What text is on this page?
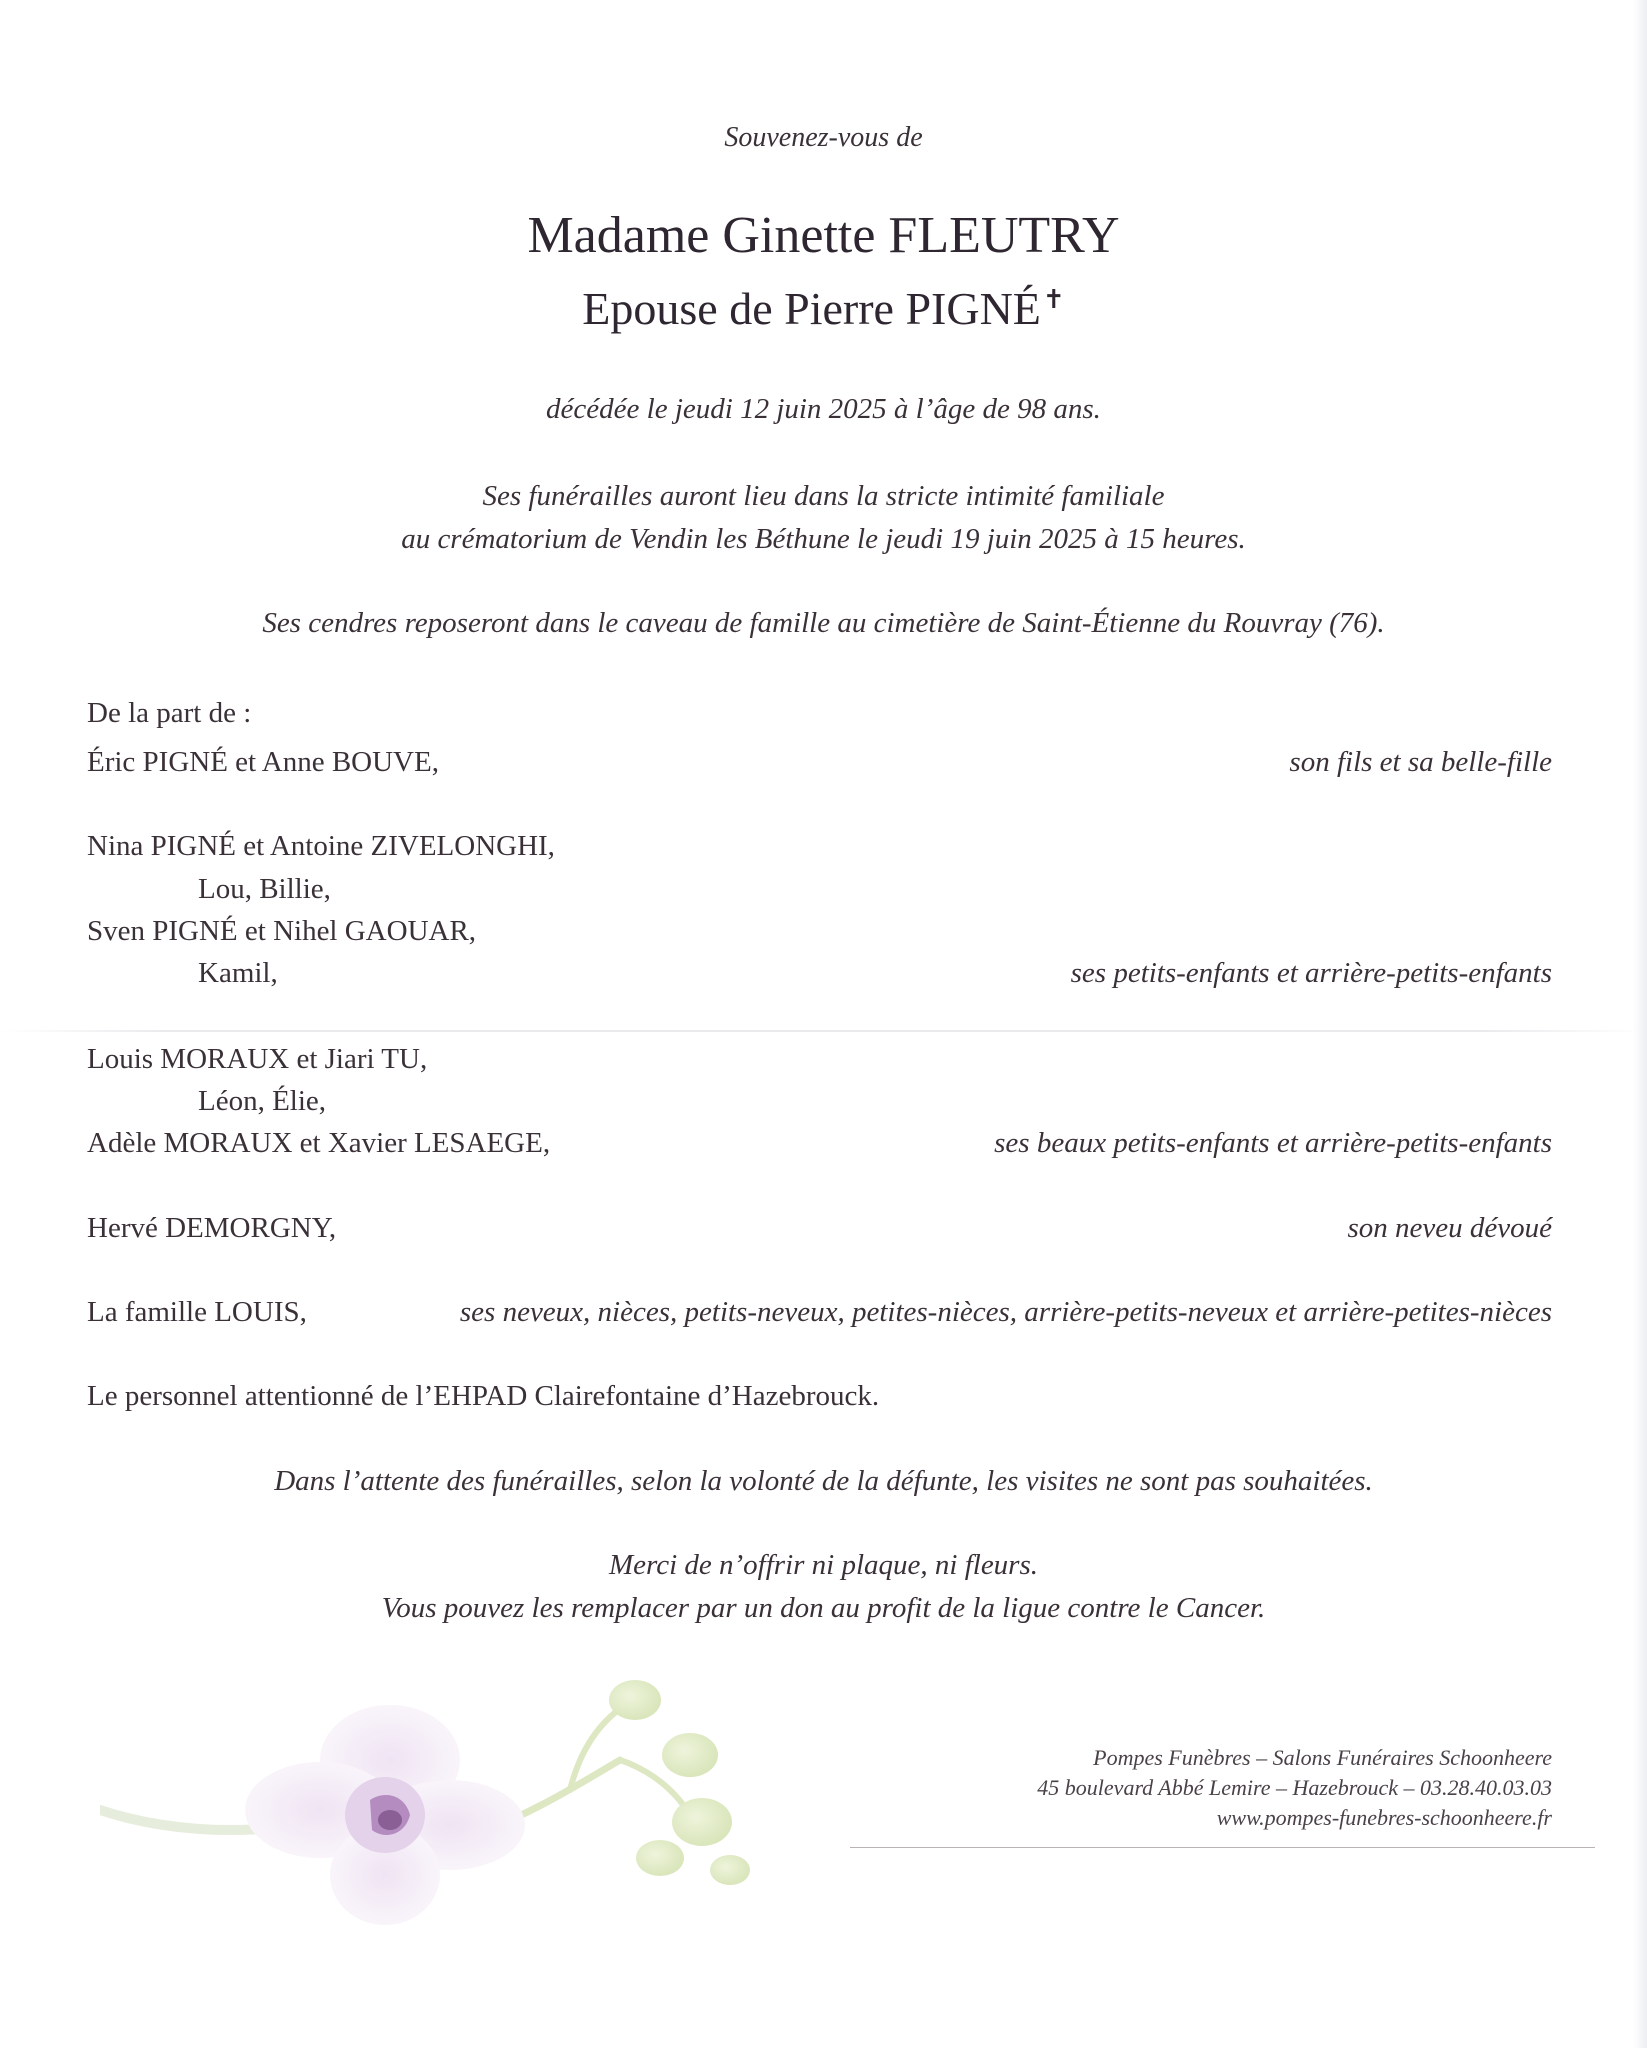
Souvenez-vous de
Madame Ginette FLEUTRY
Epouse de Pierre PIGNÉ✝
décédée le jeudi 12 juin 2025 à l’âge de 98 ans.
Ses funérailles auront lieu dans la stricte intimité familiale
au crématorium de Vendin les Béthune le jeudi 19 juin 2025 à 15 heures.
Ses cendres reposeront dans le caveau de famille au cimetière de Saint-Étienne du Rouvray (76).
De la part de :
Éric PIGNÉ et Anne BOUVE,	son fils et sa belle-fille
Nina PIGNÉ et Antoine ZIVELONGHI,
Lou, Billie,
Sven PIGNÉ et Nihel GAOUAR,
Kamil,	ses petits-enfants et arrière-petits-enfants
Louis MORAUX et Jiari TU,
Léon, Élie,
Adèle MORAUX et Xavier LESAEGE,	ses beaux petits-enfants et arrière-petits-enfants
Hervé DEMORGNY,	son neveu dévoué
La famille LOUIS,	ses neveux, nièces, petits-neveux, petites-nièces, arrière-petits-neveux et arrière-petites-nièces
Le personnel attentionné de l’EHPAD Clairefontaine d’Hazebrouck.
Dans l’attente des funérailles, selon la volonté de la défunte, les visites ne sont pas souhaitées.
Merci de n’offrir ni plaque, ni fleurs.
Vous pouvez les remplacer par un don au profit de la ligue contre le Cancer.
Pompes Funèbres – Salons Funéraires Schoonheere
45 boulevard Abbé Lemire – Hazebrouck – 03.28.40.03.03
www.pompes-funebres-schoonheere.fr
